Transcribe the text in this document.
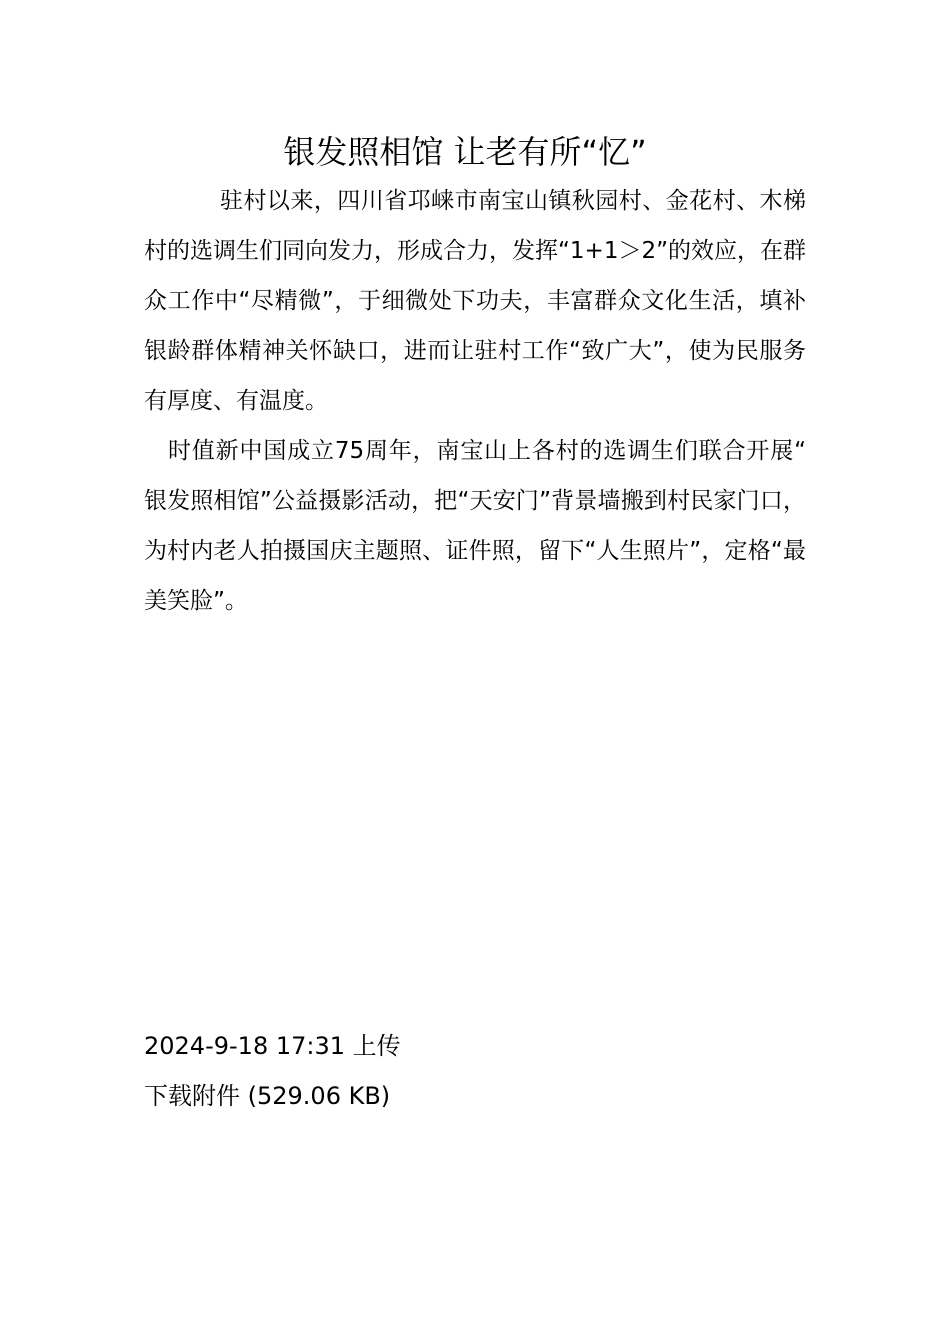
银发照相馆 让老有所“忆”

驻村以来，四川省邛崃市南宝山镇秋园村、金花村、木梯村的选调生们同向发力，形成合力，发挥“1+1＞2”的效应，在群众工作中“尽精微”，于细微处下功夫，丰富群众文化生活，填补银龄群体精神关怀缺口，进而让驻村工作“致广大”，使为民服务有厚度、有温度。

时值新中国成立75周年，南宝山上各村的选调生们联合开展“银发照相馆”公益摄影活动，把“天安门”背景墙搬到村民家门口，为村内老人拍摄国庆主题照、证件照，留下“人生照片”，定格“最美笑脸”。

2024-9-18 17:31 上传
下载附件 (529.06 KB)
